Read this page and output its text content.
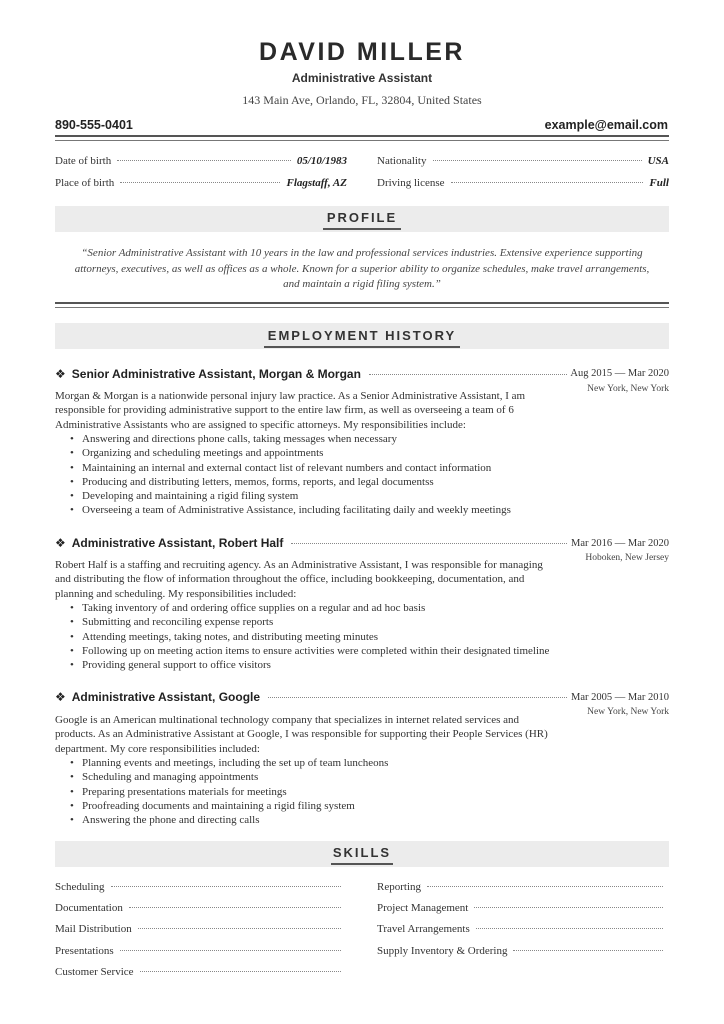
DAVID MILLER
Administrative Assistant
143 Main Ave, Orlando, FL, 32804, United States
890-555-0401	example@email.com
Date of birth	05/10/1983
Place of birth	Flagstaff, AZ
Nationality	USA
Driving license	Full
PROFILE
“Senior Administrative Assistant with 10 years in the law and professional services industries. Extensive experience supporting attorneys, executives, as well as offices as a whole. Known for a superior ability to organize schedules, make travel arrangements, and maintain a rigid filing system.”
EMPLOYMENT HISTORY
❖ Senior Administrative Assistant, Morgan & Morgan	Aug 2015 — Mar 2020
New York, New York
Morgan & Morgan is a nationwide personal injury law practice. As a Senior Administrative Assistant, I am responsible for providing administrative support to the entire law firm, as well as overseeing a team of 6 Administrative Assistants who are assigned to specific attorneys. My responsibilities include:
• Answering and directions phone calls, taking messages when necessary
• Organizing and scheduling meetings and appointments
• Maintaining an internal and external contact list of relevant numbers and contact information
• Producing and distributing letters, memos, forms, reports, and legal documentss
• Developing and maintaining a rigid filing system
• Overseeing a team of Administrative Assistance, including facilitating daily and weekly meetings
❖ Administrative Assistant, Robert Half	Mar 2016 — Mar 2020
Hoboken, New Jersey
Robert Half is a staffing and recruiting agency. As an Administrative Assistant, I was responsible for managing and distributing the flow of information throughout the office, including bookkeeping, documentation, and planning and scheduling. My responsibilities included:
• Taking inventory of and ordering office supplies on a regular and ad hoc basis
• Submitting and reconciling expense reports
• Attending meetings, taking notes, and distributing meeting minutes
• Following up on meeting action items to ensure activities were completed within their designated timeline
• Providing general support to office visitors
❖ Administrative Assistant, Google	Mar 2005 — Mar 2010
New York, New York
Google is an American multinational technology company that specializes in internet related services and products. As an Administrative Assistant at Google, I was responsible for supporting their People Services (HR) department. My core responsibilities included:
• Planning events and meetings, including the set up of team luncheons
• Scheduling and managing appointments
• Preparing presentations materials for meetings
• Proofreading documents and maintaining a rigid filing system
• Answering the phone and directing calls
SKILLS
Scheduling
Documentation
Mail Distribution
Presentations
Customer Service
Reporting
Project Management
Travel Arrangements
Supply Inventory & Ordering
